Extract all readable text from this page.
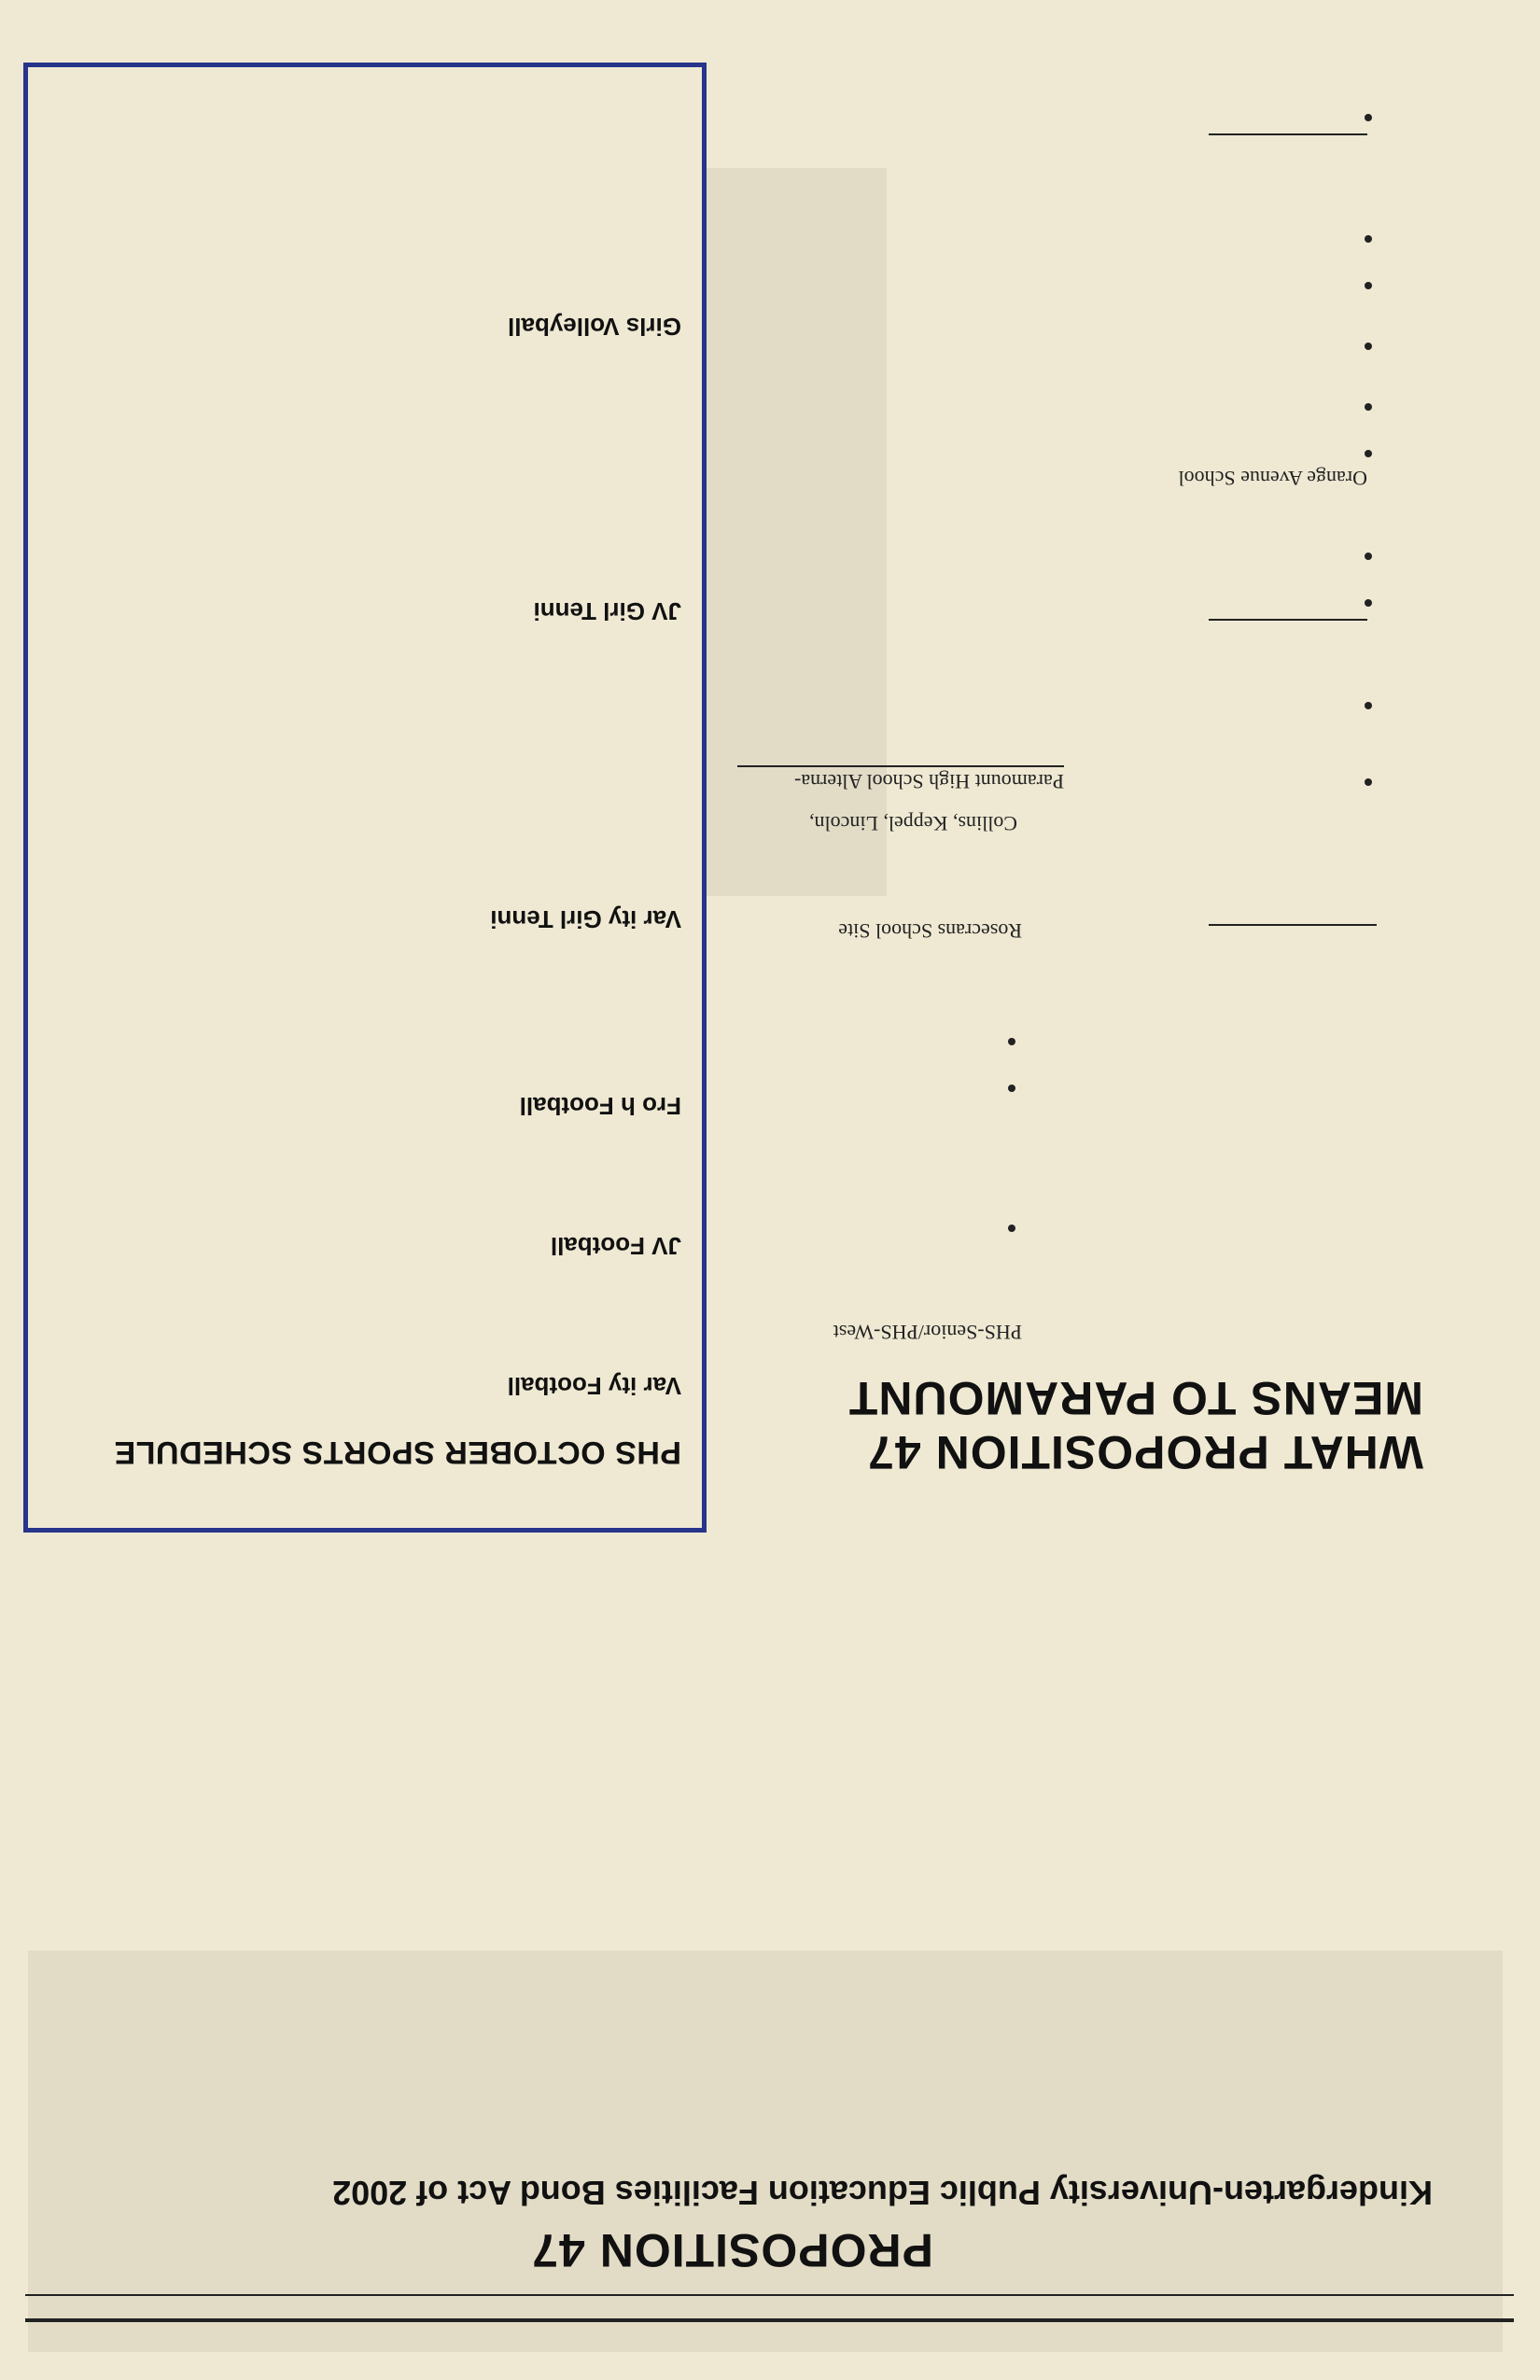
PROPOSITION 47
Kindergarten-University Public Education Facilities Bond Act of 2002
WHAT PROPOSITION 47
MEANS TO PARAMOUNT
PHS-Senior/PHS-West
Rosecrans School Site
Collins, Keppel, Lincoln,
Paramount High School Alterna-
Orange Avenue School
PHS OCTOBER SPORTS SCHEDULE
Var ity Football
JV Football
Fro h Football
Var ity Girl Tenni
JV Girl Tenni
Girls Volleyball
